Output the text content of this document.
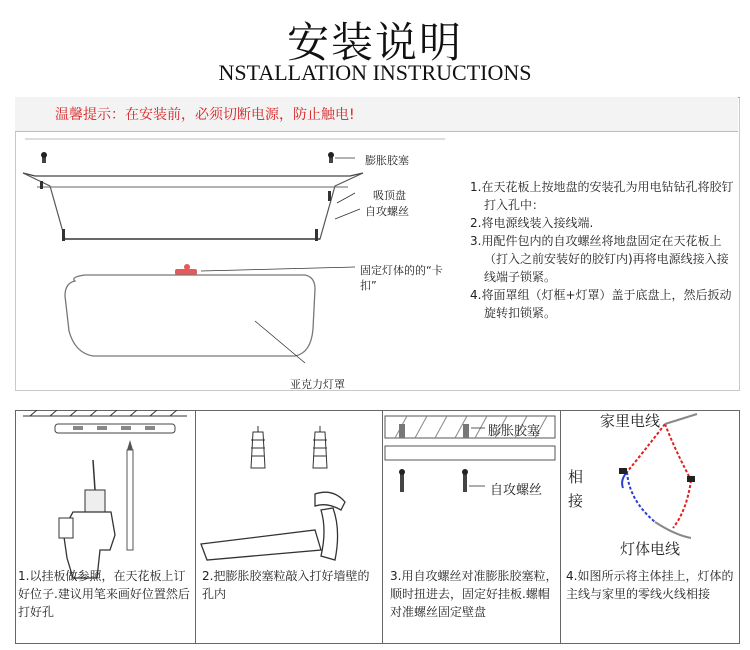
安装说明
NSTALLATION INSTRUCTIONS
温馨提示：在安装前，必须切断电源，防止触电!
膨胀胶塞
吸顶盘
自攻螺丝
固定灯体的的“卡
扣”
亚克力灯罩

1.在天花板上按地盘的安装孔为用电钻钻孔将胶钉打入孔中：

2.将电源线装入接线端.

3.用配件包内的自攻螺丝将地盘固定在天花板上（打入之前安装好的胶钉内)再将电源线接入接线端子锁紧。

4.将面罩组（灯框+灯罩）盖于底盘上，然后扳动旋转扣锁紧。

膨胀胶塞
自攻螺丝
家里电线
相
接
灯体电线
1.以挂板做参照，在天花板上订好位子.建议用笔来画好位置然后打好孔
2.把膨胀胶塞粒敲入打好墙壁的孔内
3.用自攻螺丝对准膨胀胶塞粒，顺时扭进去，固定好挂板.螺帽对准螺丝固定壁盘
4.如图所示将主体挂上，灯体的主线与家里的零线火线相接
